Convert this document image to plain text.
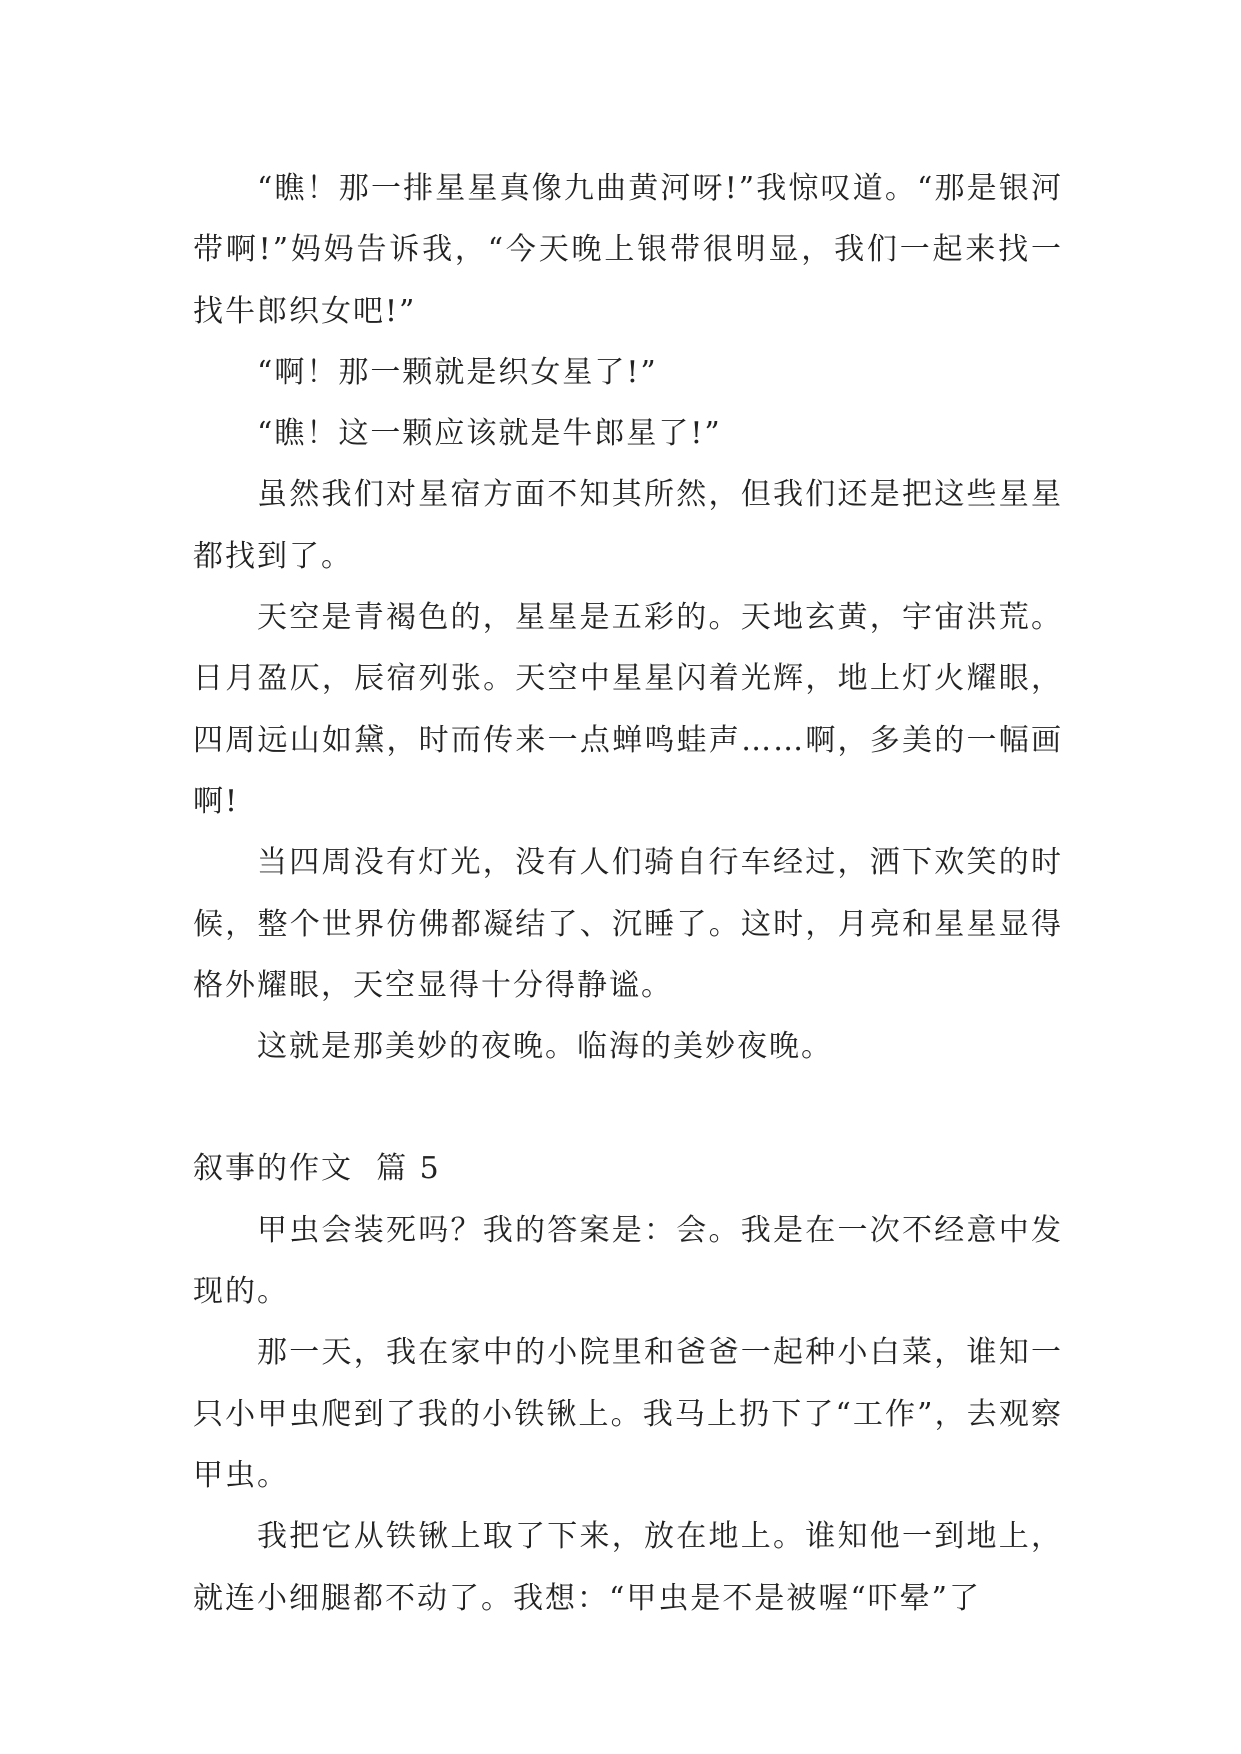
“瞧！那一排星星真像九曲黄河呀!”我惊叹道。“那是银河带啊!”妈妈告诉我，“今天晚上银带很明显，我们一起来找一找牛郎织女吧!”

“啊！那一颗就是织女星了!”

“瞧！这一颗应该就是牛郎星了!”

虽然我们对星宿方面不知其所然，但我们还是把这些星星都找到了。

天空是青褐色的，星星是五彩的。天地玄黄，宇宙洪荒。日月盈仄，辰宿列张。天空中星星闪着光辉，地上灯火耀眼，四周远山如黛，时而传来一点蝉鸣蛙声……啊，多美的一幅画啊!

当四周没有灯光，没有人们骑自行车经过，洒下欢笑的时候，整个世界仿佛都凝结了、沉睡了。这时，月亮和星星显得格外耀眼，天空显得十分得静谧。

这就是那美妙的夜晚。临海的美妙夜晚。

叙事的作文  篇 5

甲虫会装死吗？我的答案是：会。我是在一次不经意中发现的。

那一天，我在家中的小院里和爸爸一起种小白菜，谁知一只小甲虫爬到了我的小铁锹上。我马上扔下了“工作”，去观察甲虫。

我把它从铁锹上取了下来，放在地上。谁知他一到地上，就连小细腿都不动了。我想：“甲虫是不是被喔“吓晕”了
